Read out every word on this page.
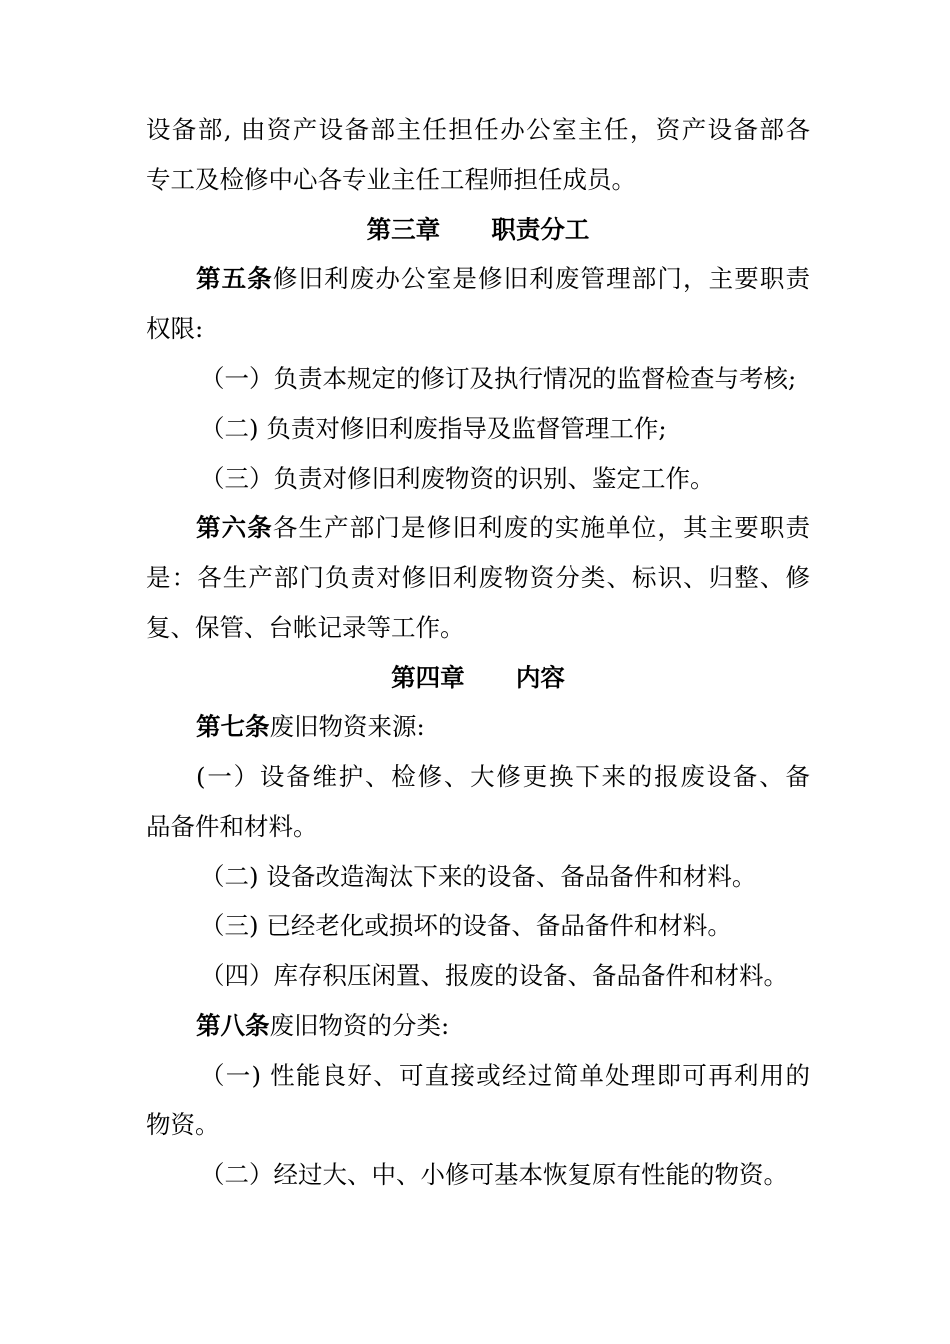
设备部, 由资产设备部主任担任办公室主任，资产设备部各
专工及检修中心各专业主任工程师担任成员。
第三章      职责分工
第五条修旧利废办公室是修旧利废管理部门，主要职责
权限:
（一）负责本规定的修订及执行情况的监督检查与考核;
（二) 负责对修旧利废指导及监督管理工作;
（三）负责对修旧利废物资的识别、鉴定工作。
第六条各生产部门是修旧利废的实施单位，其主要职责
是：各生产部门负责对修旧利废物资分类、标识、归整、修
复、保管、台帐记录等工作。
第四章      内容
第七条废旧物资来源:
(一）设备维护、检修、大修更换下来的报废设备、备
品备件和材料。
（二) 设备改造淘汰下来的设备、备品备件和材料。
（三) 已经老化或损坏的设备、备品备件和材料。
（四）库存积压闲置、报废的设备、备品备件和材料。
第八条废旧物资的分类:
（一) 性能良好、可直接或经过简单处理即可再利用的
物资。
（二）经过大、中、小修可基本恢复原有性能的物资。
